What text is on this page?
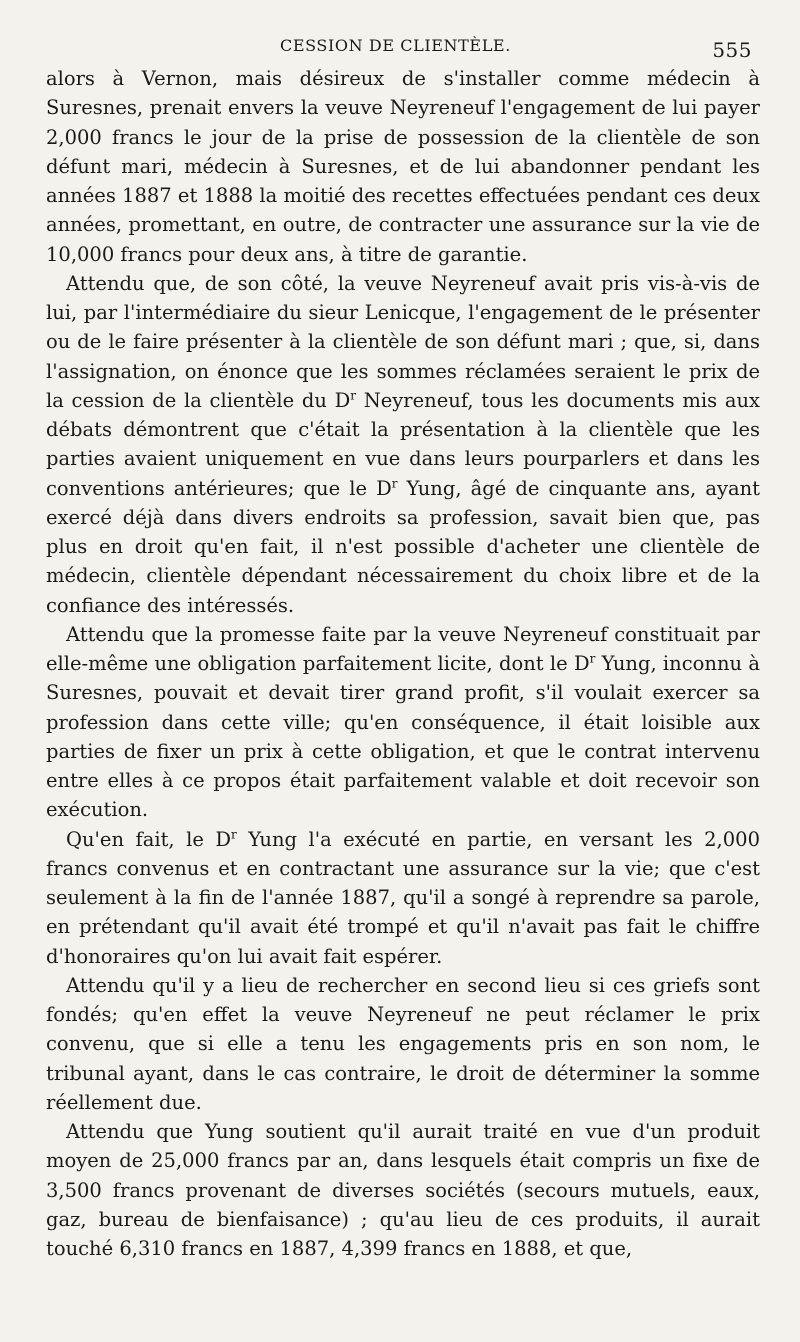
CESSION DE CLIENTÈLE.	555

alors à Vernon, mais désireux de s'installer comme médecin à Suresnes, prenait envers la veuve Neyreneuf l'engagement de lui payer 2,000 francs le jour de la prise de possession de la clientèle de son défunt mari, médecin à Suresnes, et de lui abandonner pendant les années 1887 et 1888 la moitié des recettes effectuées pendant ces deux années, promettant, en outre, de contracter une assurance sur la vie de 10,000 francs pour deux ans, à titre de garantie.

Attendu que, de son côté, la veuve Neyreneuf avait pris vis-à-vis de lui, par l'intermédiaire du sieur Lenicque, l'engagement de le présenter ou de le faire présenter à la clientèle de son défunt mari ; que, si, dans l'assignation, on énonce que les sommes réclamées seraient le prix de la cession de la clientèle du $D^r$ Neyreneuf, tous les documents mis aux débats démontrent que c'était la présentation à la clientèle que les parties avaient uniquement en vue dans leurs pourparlers et dans les conventions antérieures; que le $D^r$ Yung, âgé de cinquante ans, ayant exercé déjà dans divers endroits sa profession, savait bien que, pas plus en droit qu'en fait, il n'est possible d'acheter une clientèle de médecin, clientèle dépendant nécessairement du choix libre et de la confiance des intéressés.

Attendu que la promesse faite par la veuve Neyreneuf constituait par elle-même une obligation parfaitement licite, dont le $D^r$ Yung, inconnu à Suresnes, pouvait et devait tirer grand profit, s'il voulait exercer sa profession dans cette ville; qu'en conséquence, il était loisible aux parties de fixer un prix à cette obligation, et que le contrat intervenu entre elles à ce propos était parfaitement valable et doit recevoir son exécution.

Qu'en fait, le $D^r$ Yung l'a exécuté en partie, en versant les 2,000 francs convenus et en contractant une assurance sur la vie; que c'est seulement à la fin de l'année 1887, qu'il a songé à reprendre sa parole, en prétendant qu'il avait été trompé et qu'il n'avait pas fait le chiffre d'honoraires qu'on lui avait fait espérer.

Attendu qu'il y a lieu de rechercher en second lieu si ces griefs sont fondés; qu'en effet la veuve Neyreneuf ne peut réclamer le prix convenu, que si elle a tenu les engagements pris en son nom, le tribunal ayant, dans le cas contraire, le droit de déterminer la somme réellement due.

Attendu que Yung soutient qu'il aurait traité en vue d'un produit moyen de 25,000 francs par an, dans lesquels était compris un fixe de 3,500 francs provenant de diverses sociétés (secours mutuels, eaux, gaz, bureau de bienfaisance) ; qu'au lieu de ces produits, il aurait touché 6,310 francs en 1887, 4,399 francs en 1888, et que,
